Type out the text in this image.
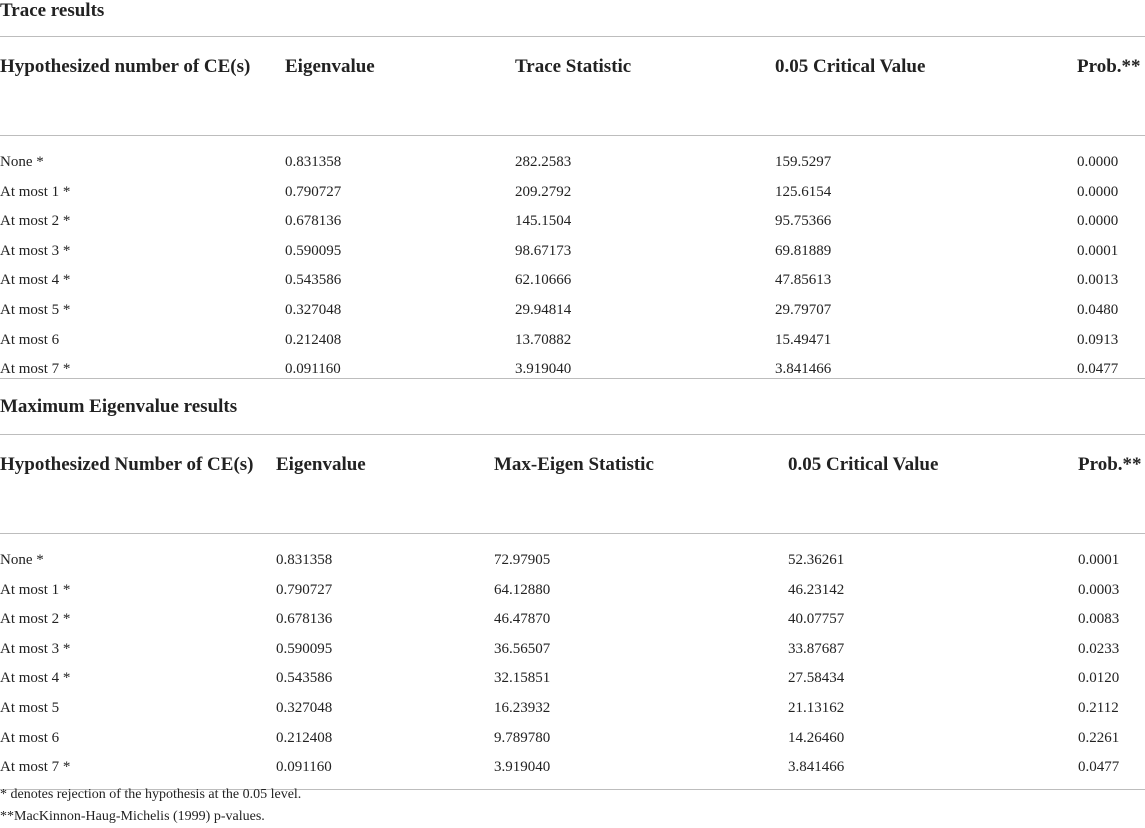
Trace results

Hypothesized number of CE(s)	Eigenvalue	Trace Statistic	0.05 Critical Value	Prob.**

None *	0.831358	282.2583	159.5297	0.0000
At most 1 *	0.790727	209.2792	125.6154	0.0000
At most 2 *	0.678136	145.1504	95.75366	0.0000
At most 3 *	0.590095	98.67173	69.81889	0.0001
At most 4 *	0.543586	62.10666	47.85613	0.0013
At most 5 *	0.327048	29.94814	29.79707	0.0480
At most 6	0.212408	13.70882	15.49471	0.0913
At most 7 *	0.091160	3.919040	3.841466	0.0477
Maximum Eigenvalue results

Hypothesized Number of CE(s)	Eigenvalue	Max-Eigen Statistic	0.05 Critical Value	Prob.**

None *	0.831358	72.97905	52.36261	0.0001
At most 1 *	0.790727	64.12880	46.23142	0.0003
At most 2 *	0.678136	46.47870	40.07757	0.0083
At most 3 *	0.590095	36.56507	33.87687	0.0233
At most 4 *	0.543586	32.15851	27.58434	0.0120
At most 5	0.327048	16.23932	21.13162	0.2112
At most 6	0.212408	9.789780	14.26460	0.2261
At most 7 *	0.091160	3.919040	3.841466	0.0477
* denotes rejection of the hypothesis at the 0.05 level.
**MacKinnon-Haug-Michelis (1999) p-values.
